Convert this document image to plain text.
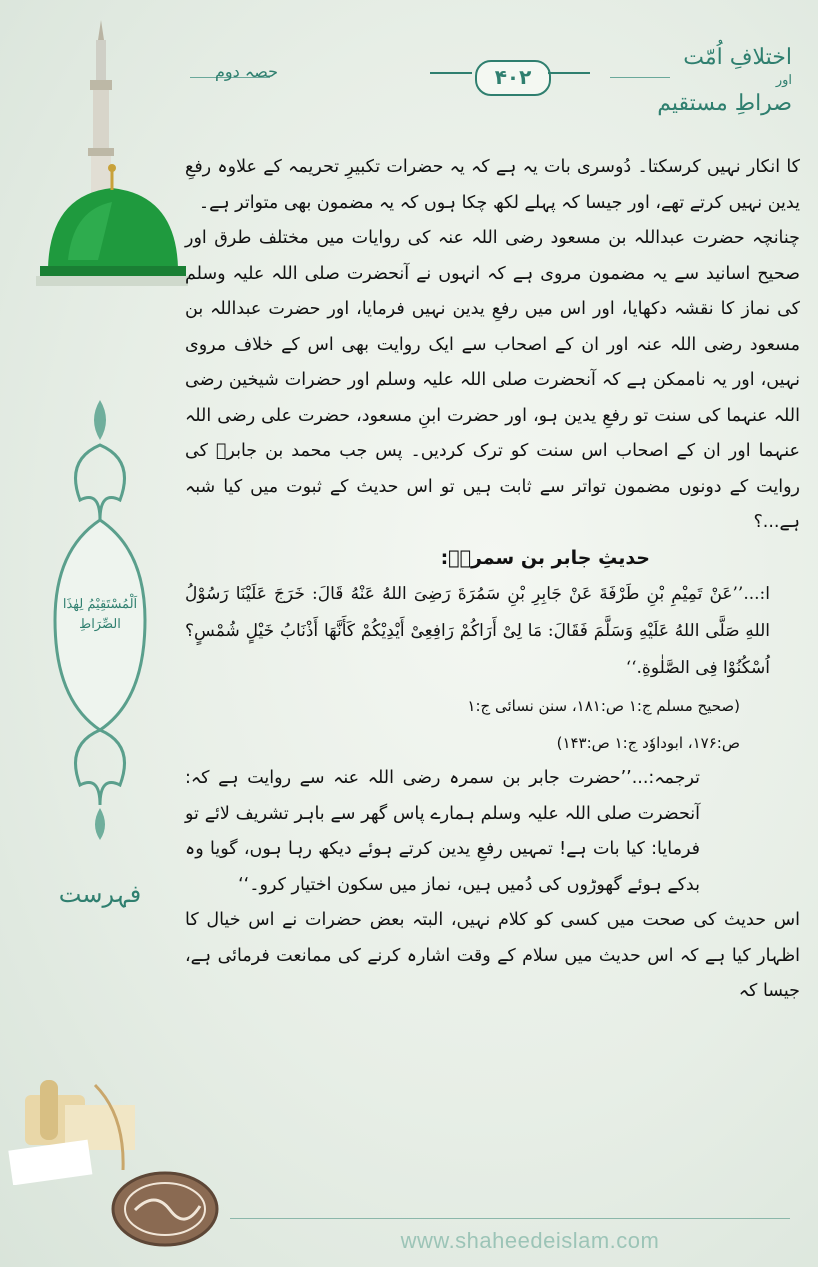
اختلافِ اُمّت
اور
صراطِ مستقیم
حصہ دوم	۴۰۲
اَلْمُسْتَقِیْمُ لِهٰذَا الصِّرَاطِ
فہرست

کا انکار نہیں کرسکتا۔ دُوسری بات یہ ہے کہ یہ حضرات تکبیرِ تحریمہ کے علاوہ رفعِ یدین نہیں کرتے تھے، اور جیسا کہ پہلے لکھ چکا ہوں کہ یہ مضمون بھی متواتر ہے۔

چنانچہ حضرت عبداللہ بن مسعود رضی اللہ عنہ کی روایات میں مختلف طرق اور صحیح اسانید سے یہ مضمون مروی ہے کہ انہوں نے آنحضرت صلی اللہ علیہ وسلم کی نماز کا نقشہ دکھایا، اور اس میں رفعِ یدین نہیں فرمایا، اور حضرت عبداللہ بن مسعود رضی اللہ عنہ اور ان کے اصحاب سے ایک روایت بھی اس کے خلاف مروی نہیں، اور یہ ناممکن ہے کہ آنحضرت صلی اللہ علیہ وسلم اور حضرات شیخین رضی اللہ عنہما کی سنت تو رفعِ یدین ہو، اور حضرت ابنِ مسعود، حضرت علی رضی اللہ عنہما اور ان کے اصحاب اس سنت کو ترک کردیں۔ پس جب محمد بن جابرؒ کی روایت کے دونوں مضمون تواتر سے ثابت ہیں تو اس حدیث کے ثبوت میں کیا شبہ ہے...؟

حدیثِ جابر بن سمرہؓ:

ا:...’’عَنْ تَمِیْمِ بْنِ طَرْفَةَ عَنْ جَابِرِ بْنِ سَمُرَةَ رَضِیَ اللهُ عَنْهُ قَالَ: خَرَجَ عَلَیْنَا رَسُوْلُ اللهِ صَلَّى اللهُ عَلَیْهِ وَسَلَّمَ فَقَالَ: مَا لِیْ أَرَاكُمْ رَافِعِیْ أَیْدِیْكُمْ كَأَنَّهَا أَذْنَابُ خَیْلٍ شُمْسٍ؟ اُسْكُنُوْا فِی الصَّلٰوةِ.‘‘

(صحیح مسلم ج:۱ ص:۱۸۱، سنن نسائی ج:۱

ص:۱۷۶، ابوداوٗد ج:۱ ص:۱۴۳)

ترجمہ:...’’حضرت جابر بن سمرہ رضی اللہ عنہ سے روایت ہے کہ: آنحضرت صلی اللہ علیہ وسلم ہمارے پاس گھر سے باہر تشریف لائے تو فرمایا: کیا بات ہے! تمہیں رفعِ یدین کرتے ہوئے دیکھ رہا ہوں، گویا وہ بدکے ہوئے گھوڑوں کی دُمیں ہیں، نماز میں سکون اختیار کرو۔‘‘

اس حدیث کی صحت میں کسی کو کلام نہیں، البتہ بعض حضرات نے اس خیال کا اظہار کیا ہے کہ اس حدیث میں سلام کے وقت اشارہ کرنے کی ممانعت فرمائی ہے، جیسا کہ

www.shaheedeislam.com
